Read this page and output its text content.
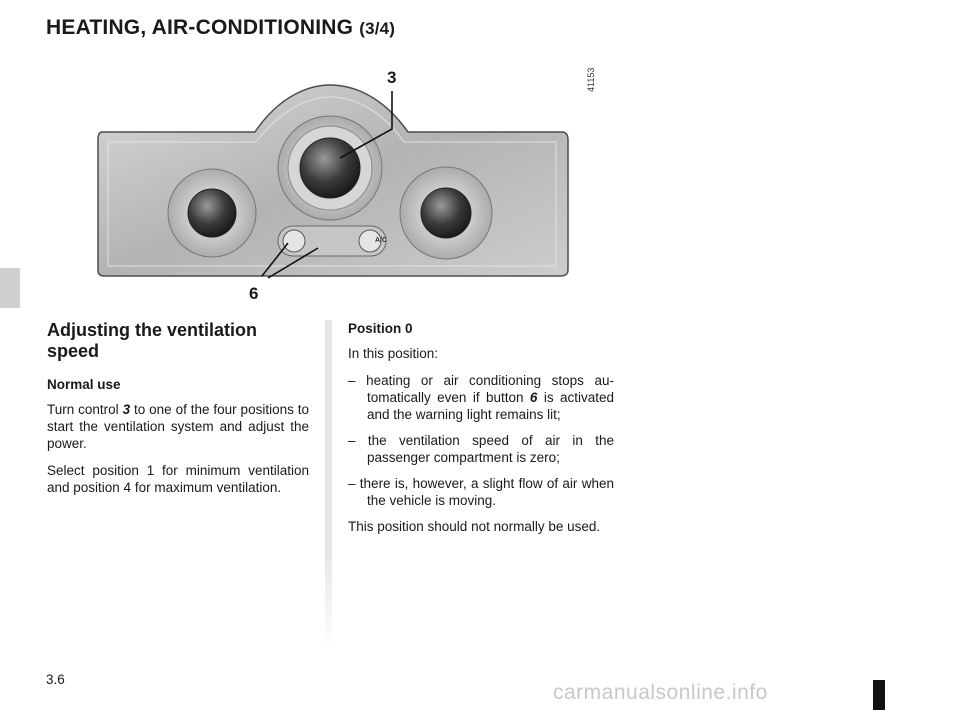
HEATING, AIR-CONDITIONING (3/4)
A/C
41153
3
6
Adjusting the ventilation speed
Normal use

Turn control 3 to one of the four positions to start the ventilation system and adjust the power.

Select position 1 for minimum ventilation and position 4 for maximum ventilation.

Position 0

In this position:

– heating or air conditioning stops automatically even if button 6 is activated and the warning light remains lit;
– the ventilation speed of air in the passenger compartment is zero;
– there is, however, a slight flow of air when the vehicle is moving.

This position should not normally be used.

3.6
carmanualsonline.info
